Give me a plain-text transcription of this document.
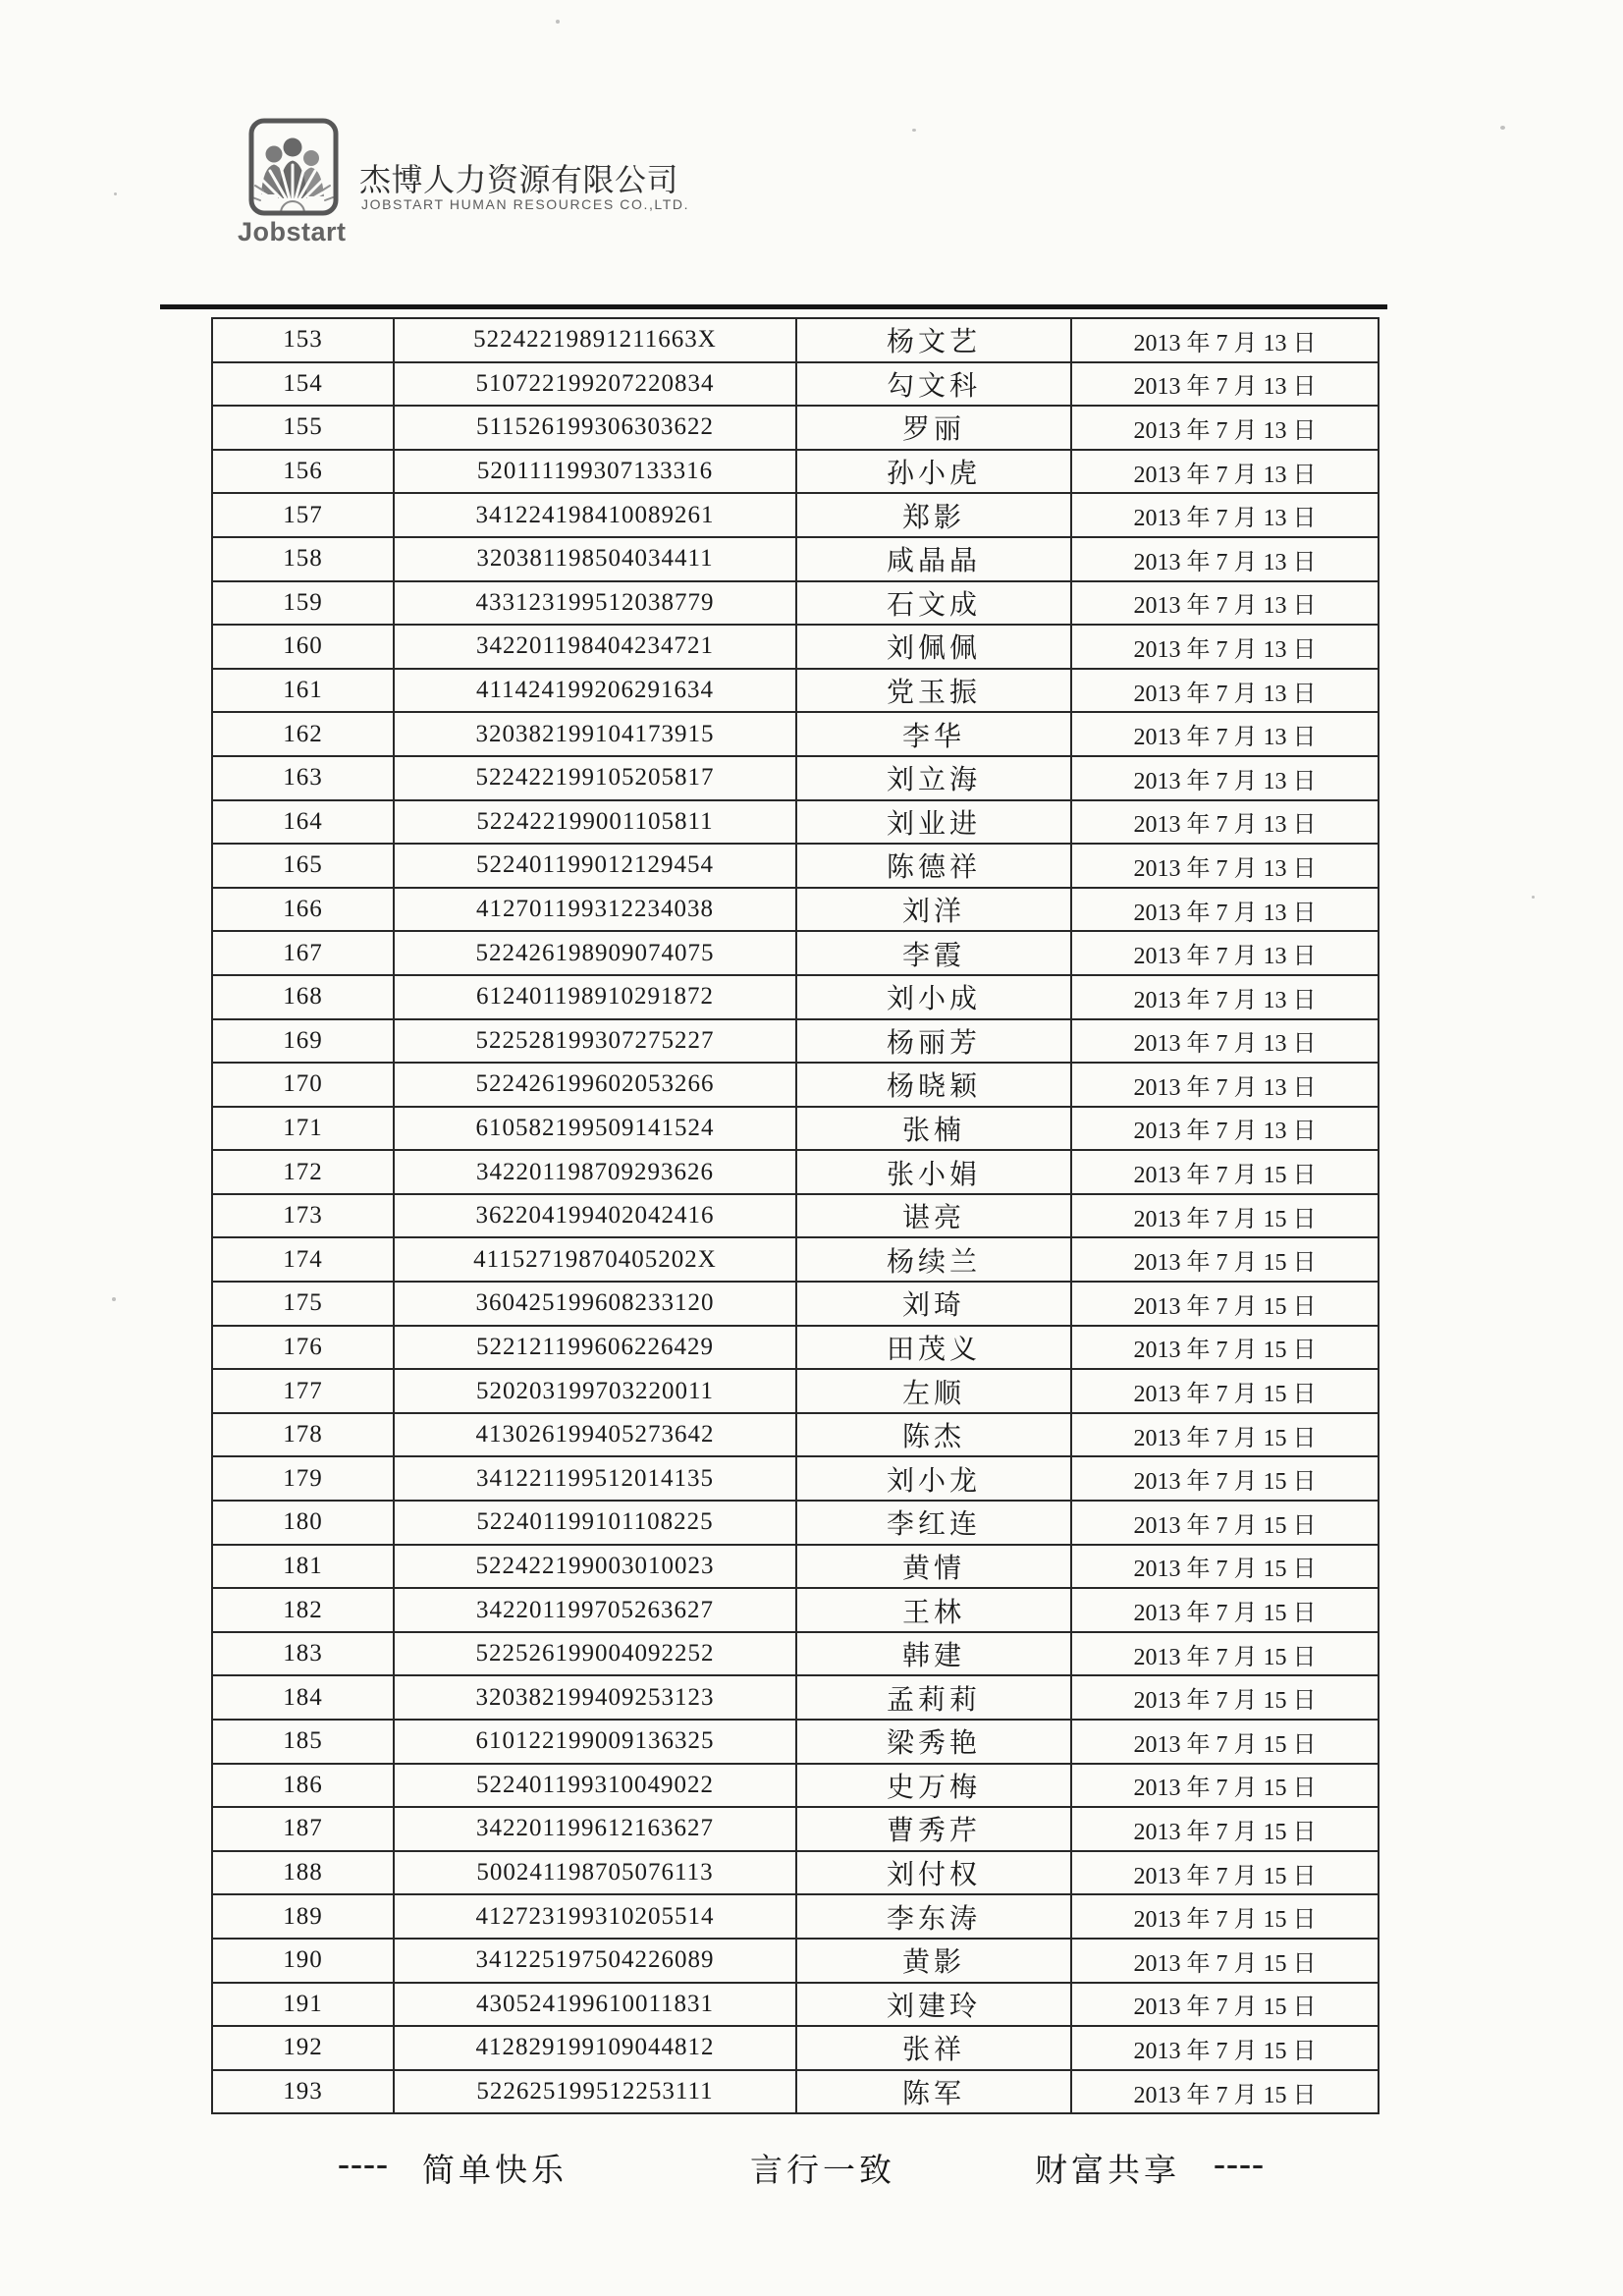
Jobstart
杰博人力资源有限公司
JOBSTART HUMAN RESOURCES CO.,LTD.
153	52242219891211663X	杨文艺	2013 年 7 月 13 日
154	510722199207220834	勾文科	2013 年 7 月 13 日
155	511526199306303622	罗丽	2013 年 7 月 13 日
156	520111199307133316	孙小虎	2013 年 7 月 13 日
157	341224198410089261	郑影	2013 年 7 月 13 日
158	320381198504034411	咸晶晶	2013 年 7 月 13 日
159	433123199512038779	石文成	2013 年 7 月 13 日
160	342201198404234721	刘佩佩	2013 年 7 月 13 日
161	411424199206291634	党玉振	2013 年 7 月 13 日
162	320382199104173915	李华	2013 年 7 月 13 日
163	522422199105205817	刘立海	2013 年 7 月 13 日
164	522422199001105811	刘业进	2013 年 7 月 13 日
165	522401199012129454	陈德祥	2013 年 7 月 13 日
166	412701199312234038	刘洋	2013 年 7 月 13 日
167	522426198909074075	李霞	2013 年 7 月 13 日
168	612401198910291872	刘小成	2013 年 7 月 13 日
169	522528199307275227	杨丽芳	2013 年 7 月 13 日
170	522426199602053266	杨晓颖	2013 年 7 月 13 日
171	610582199509141524	张楠	2013 年 7 月 13 日
172	342201198709293626	张小娟	2013 年 7 月 15 日
173	362204199402042416	谌亮	2013 年 7 月 15 日
174	41152719870405202X	杨续兰	2013 年 7 月 15 日
175	360425199608233120	刘琦	2013 年 7 月 15 日
176	522121199606226429	田茂义	2013 年 7 月 15 日
177	520203199703220011	左顺	2013 年 7 月 15 日
178	413026199405273642	陈杰	2013 年 7 月 15 日
179	341221199512014135	刘小龙	2013 年 7 月 15 日
180	522401199101108225	李红连	2013 年 7 月 15 日
181	522422199003010023	黄情	2013 年 7 月 15 日
182	342201199705263627	王林	2013 年 7 月 15 日
183	522526199004092252	韩建	2013 年 7 月 15 日
184	320382199409253123	孟莉莉	2013 年 7 月 15 日
185	610122199009136325	梁秀艳	2013 年 7 月 15 日
186	522401199310049022	史万梅	2013 年 7 月 15 日
187	342201199612163627	曹秀芹	2013 年 7 月 15 日
188	500241198705076113	刘付权	2013 年 7 月 15 日
189	412723199310205514	李东涛	2013 年 7 月 15 日
190	341225197504226089	黄影	2013 年 7 月 15 日
191	430524199610011831	刘建玲	2013 年 7 月 15 日
192	412829199109044812	张祥	2013 年 7 月 15 日
193	522625199512253111	陈军	2013 年 7 月 15 日
---- 简单快乐	言行一致	财富共享 ----
